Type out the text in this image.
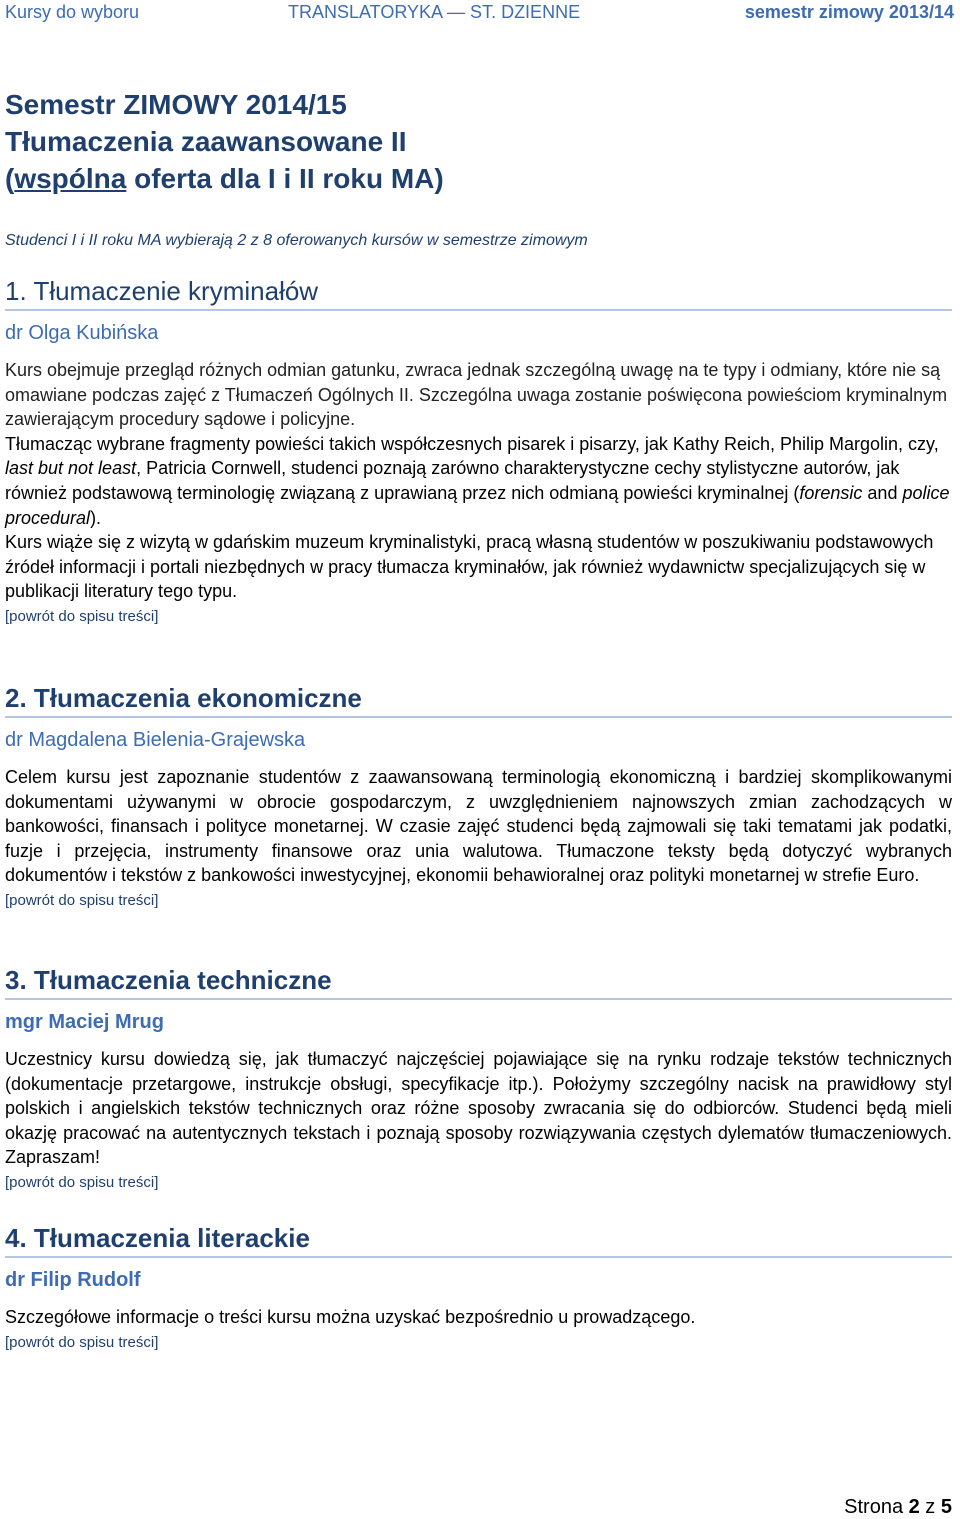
Kursy do wyboru	TRANSLATORYKA — ST. DZIENNE	semestr zimowy 2013/14
Semestr ZIMOWY 2014/15
Tłumaczenia zaawansowane II
(wspólna oferta dla I i II roku MA)

Studenci I i II roku MA wybierają 2 z 8 oferowanych kursów w semestrze zimowym

1. Tłumaczenie kryminałów

dr Olga Kubińska

Kurs obejmuje przegląd różnych odmian gatunku, zwraca jednak szczególną uwagę na te typy i odmiany, które nie są omawiane podczas zajęć z Tłumaczeń Ogólnych II. Szczególna uwaga zostanie poświęcona powieściom kryminalnym zawierającym procedury sądowe i policyjne.

Tłumacząc wybrane fragmenty powieści takich współczesnych pisarek i pisarzy, jak Kathy Reich, Philip Margolin, czy, last but not least, Patricia Cornwell, studenci poznają zarówno charakterystyczne cechy stylistyczne autorów, jak również podstawową terminologię związaną z uprawianą przez nich odmianą powieści kryminalnej (forensic and police procedural).

Kurs wiąże się z wizytą w gdańskim muzeum kryminalistyki, pracą własną studentów w poszukiwaniu podstawowych źródeł informacji i portali niezbędnych w pracy tłumacza kryminałów, jak również wydawnictw specjalizujących się w publikacji literatury tego typu.

[powrót do spisu treści]
2. Tłumaczenia ekonomiczne

dr Magdalena Bielenia-Grajewska

Celem kursu jest zapoznanie studentów z zaawansowaną terminologią ekonomiczną i bardziej skomplikowanymi dokumentami używanymi w obrocie gospodarczym, z uwzględnieniem najnowszych zmian zachodzących w bankowości, finansach i polityce monetarnej. W czasie zajęć studenci będą zajmowali się taki tematami jak podatki, fuzje i przejęcia, instrumenty finansowe oraz unia walutowa. Tłumaczone teksty będą dotyczyć wybranych dokumentów i tekstów z bankowości inwestycyjnej, ekonomii behawioralnej oraz polityki monetarnej w strefie Euro.

[powrót do spisu treści]
3. Tłumaczenia techniczne

mgr Maciej Mrug

Uczestnicy kursu dowiedzą się, jak tłumaczyć najczęściej pojawiające się na rynku rodzaje tekstów technicznych (dokumentacje przetargowe, instrukcje obsługi, specyfikacje itp.). Położymy szczególny nacisk na prawidłowy styl polskich i angielskich tekstów technicznych oraz różne sposoby zwracania się do odbiorców. Studenci będą mieli okazję pracować na autentycznych tekstach i poznają sposoby rozwiązywania częstych dylematów tłumaczeniowych. Zapraszam!

[powrót do spisu treści]
4. Tłumaczenia literackie

dr Filip Rudolf

Szczegółowe informacje o treści kursu można uzyskać bezpośrednio u prowadzącego.

[powrót do spisu treści]
Strona 2 z 5
